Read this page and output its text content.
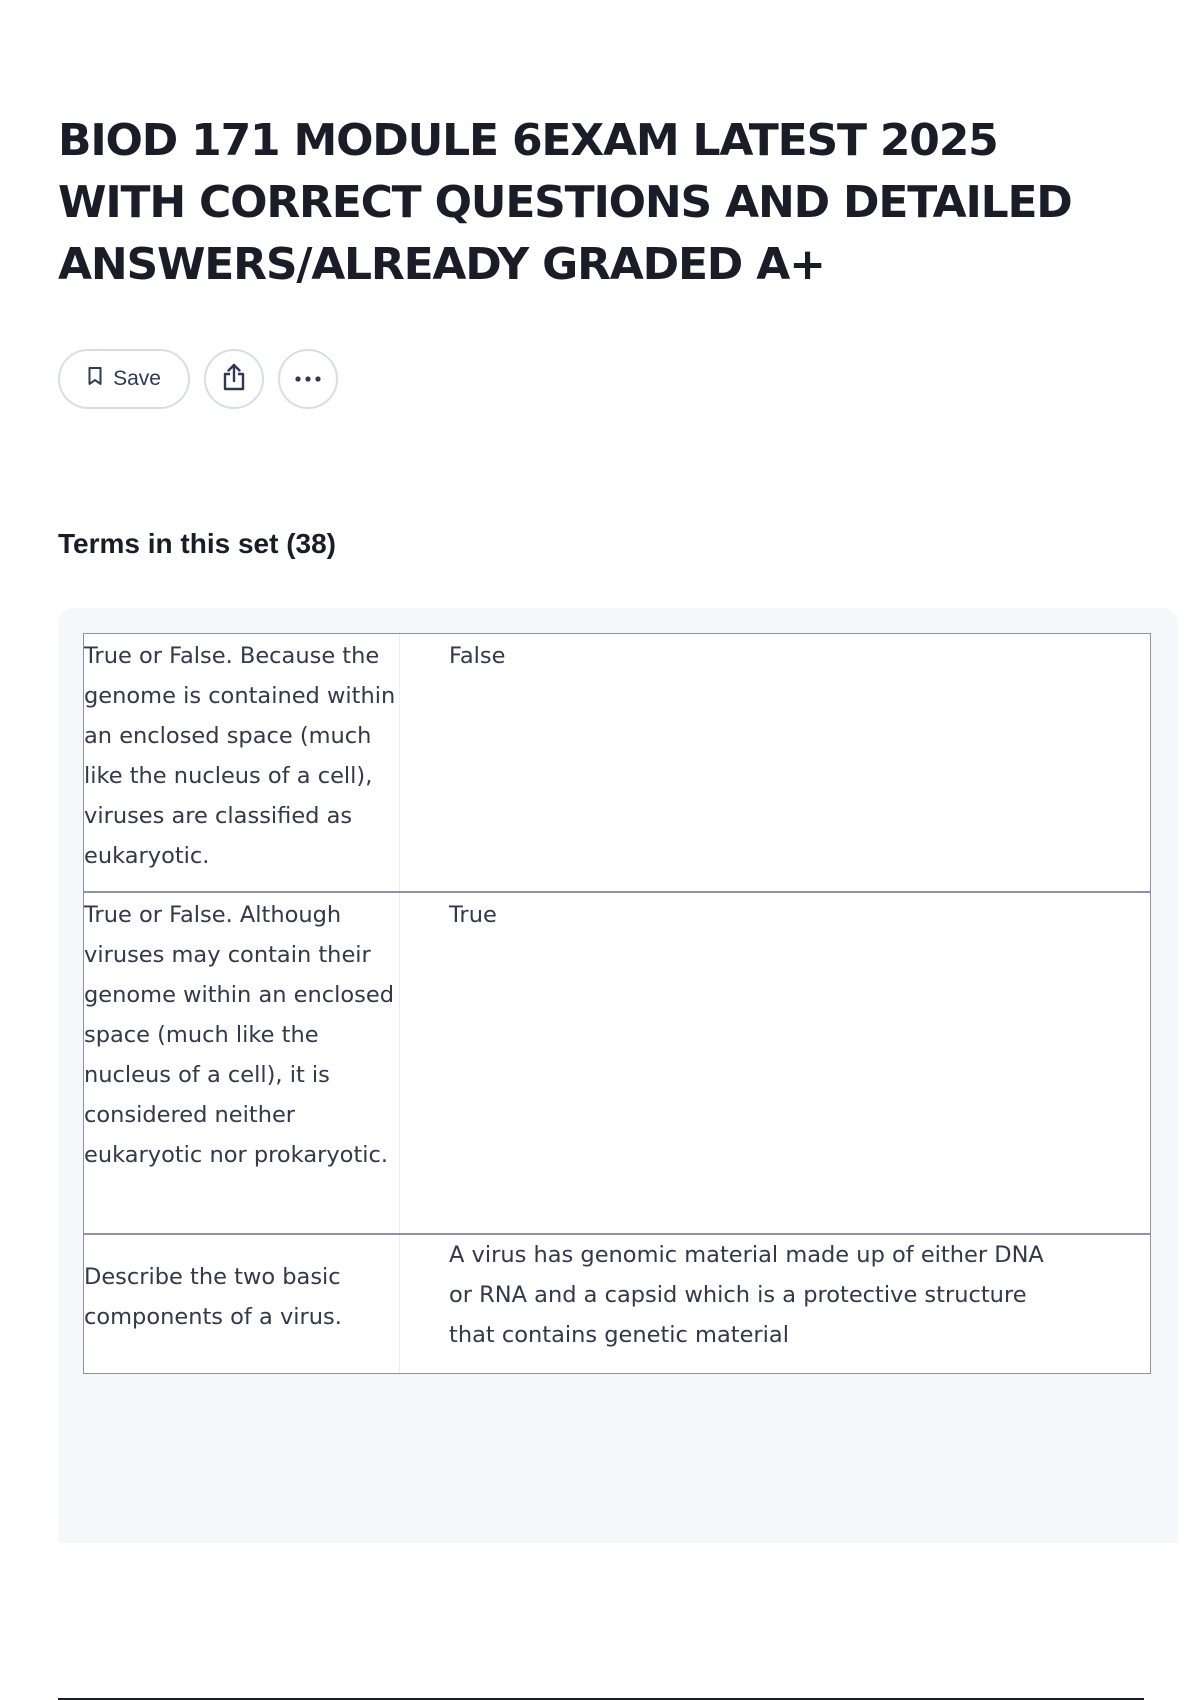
BIOD 171 MODULE 6EXAM LATEST 2025 WITH CORRECT QUESTIONS AND DETAILED ANSWERS/ALREADY GRADED A+
Save
Terms in this set (38)
True or False. Because the genome is contained within an enclosed space (much like the nucleus of a cell), viruses are classified as eukaryotic.
False
True or False. Although viruses may contain their genome within an enclosed space (much like the nucleus of a cell), it is considered neither eukaryotic nor prokaryotic.
True
Describe the two basic components of a virus.
A virus has genomic material made up of either DNA or RNA and a capsid which is a protective structure that contains genetic material
